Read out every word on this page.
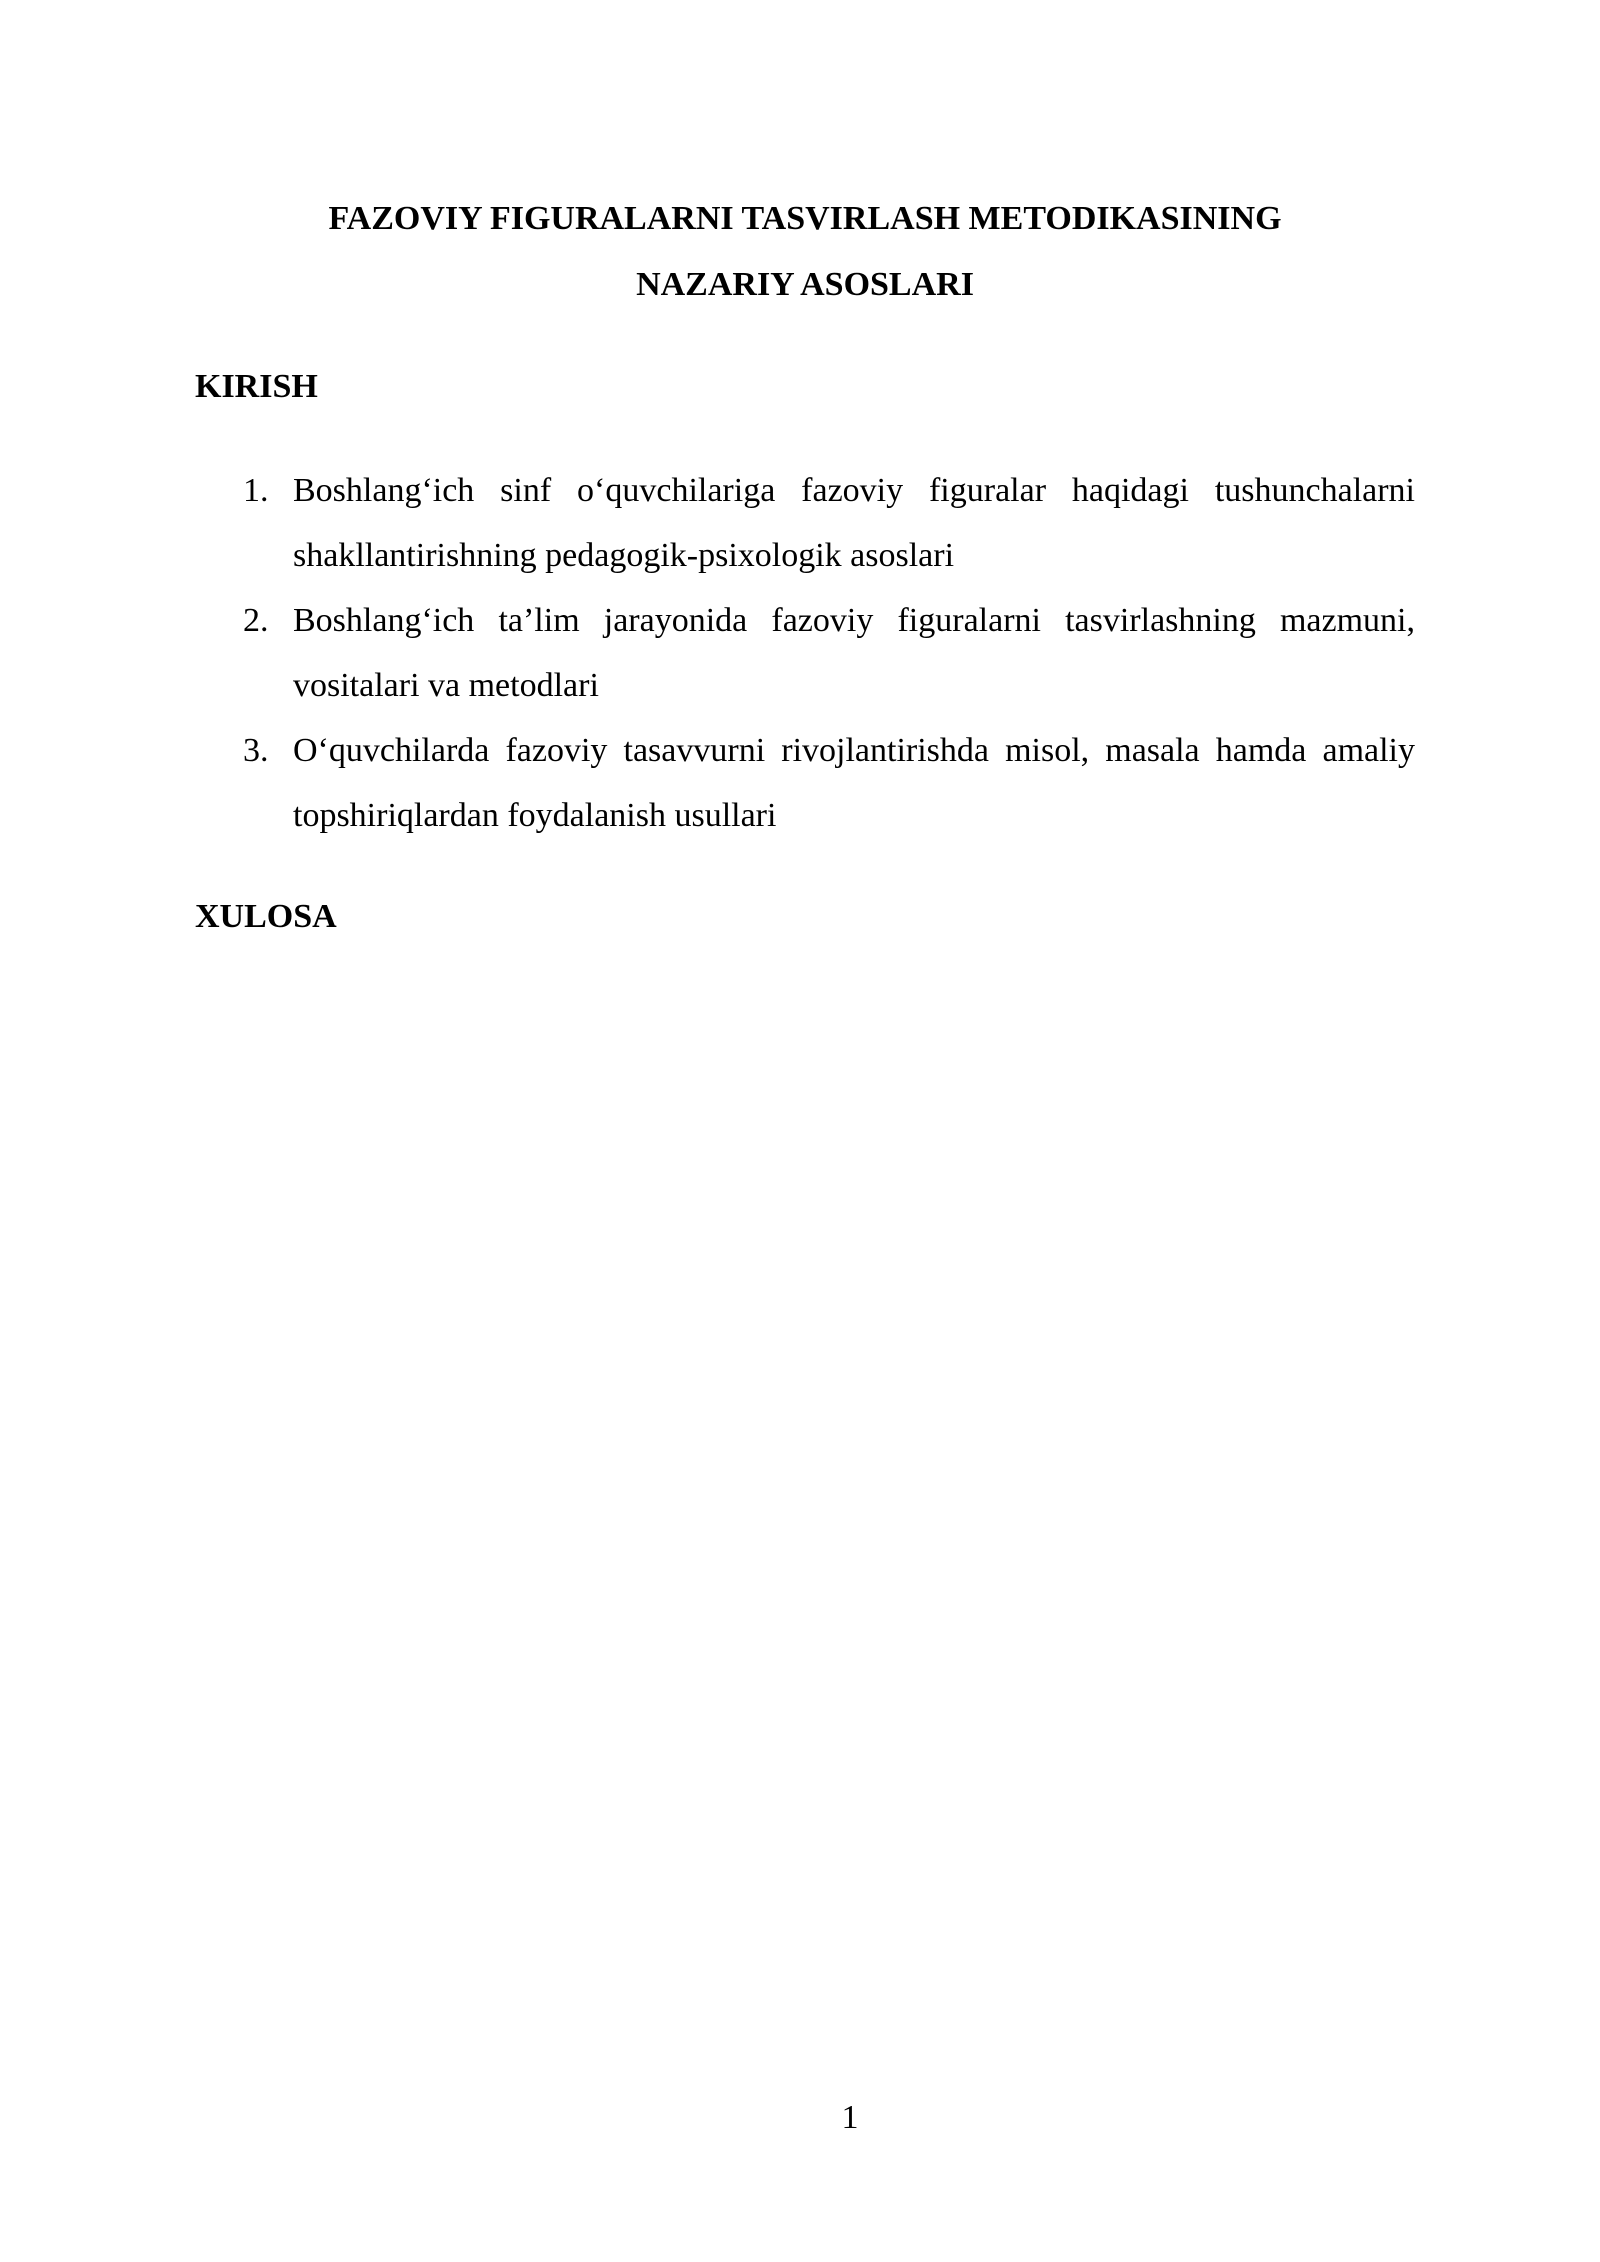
FAZOVIY FIGURALARNI TASVIRLASH METODIKASINING
NAZARIY ASOSLARI
KIRISH
1. Boshlang‘ich sinf o‘quvchilariga fazoviy figuralar haqidagi tushunchalarni shakllantirishning pedagogik-psixologik asoslari
2. Boshlang‘ich ta’lim jarayonida fazoviy figuralarni tasvirlashning mazmuni, vositalari va metodlari
3. O‘quvchilarda fazoviy tasavvurni rivojlantirishda misol, masala hamda amaliy topshiriqlardan foydalanish usullari
XULOSA
1
